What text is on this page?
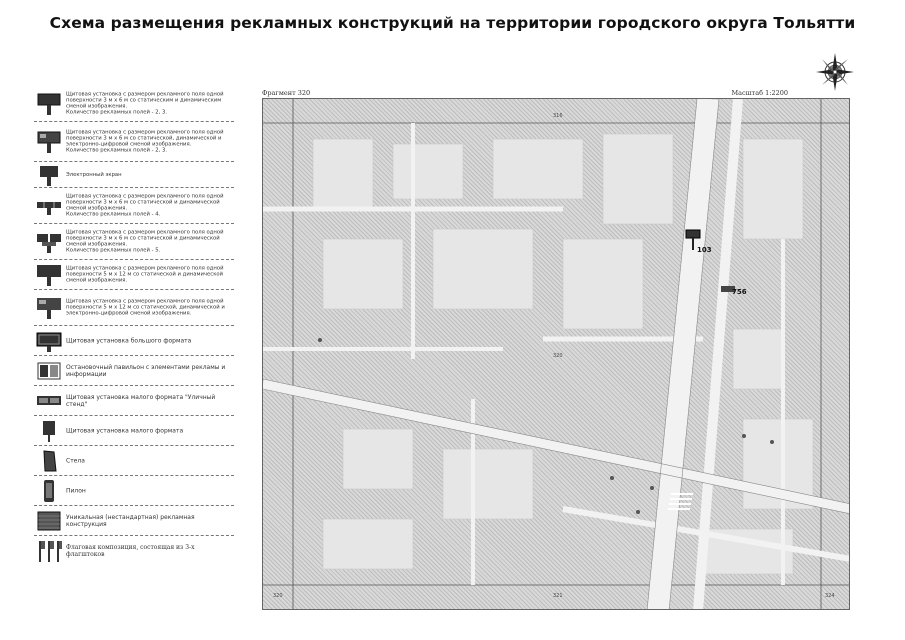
Схема размещения рекламных конструкций на территории городского округа Тольятти
Щитовая установка с размером рекламного поля одной поверхности 3 м x 6 м со статическим и динамическим сменой изображения.
Количество рекламных полей - 2, 3.
Щитовая установка с размером рекламного поля одной поверхности 3 м x 6 м со статической, динамической и электронно-цифровой сменой изображения.
Количество рекламных полей - 2, 3.
Электронный экран
Щитовая установка с размером рекламного поля одной поверхности 3 м x 6 м со статической и динамической сменой изображения.
Количество рекламных полей - 4.
Щитовая установка с размером рекламного поля одной поверхности 3 м x 6 м со статической и динамической сменой изображения.
Количество рекламных полей - 5.
Щитовая установка с размером рекламного поля одной поверхности 5 м x 12 м со статической и динамической сменой изображения.
Щитовая установка с размером рекламного поля одной поверхности 5 м x 12 м со статической, динамической и электронно-цифровой сменой изображения.
Щитовая установка большого формата
Остановочный павильон с элементами рекламы и информации
Щитовая установка малого формата "Уличный стенд"
Щитовая установка малого формата
Стела
Пилон
Уникальная (нестандартная) рекламная конструкция
Флаговая композиция, состоящая из 3-х флагштоков
Фрагмент 320	Масштаб 1:2200
316
320
321
320	324
103
756
